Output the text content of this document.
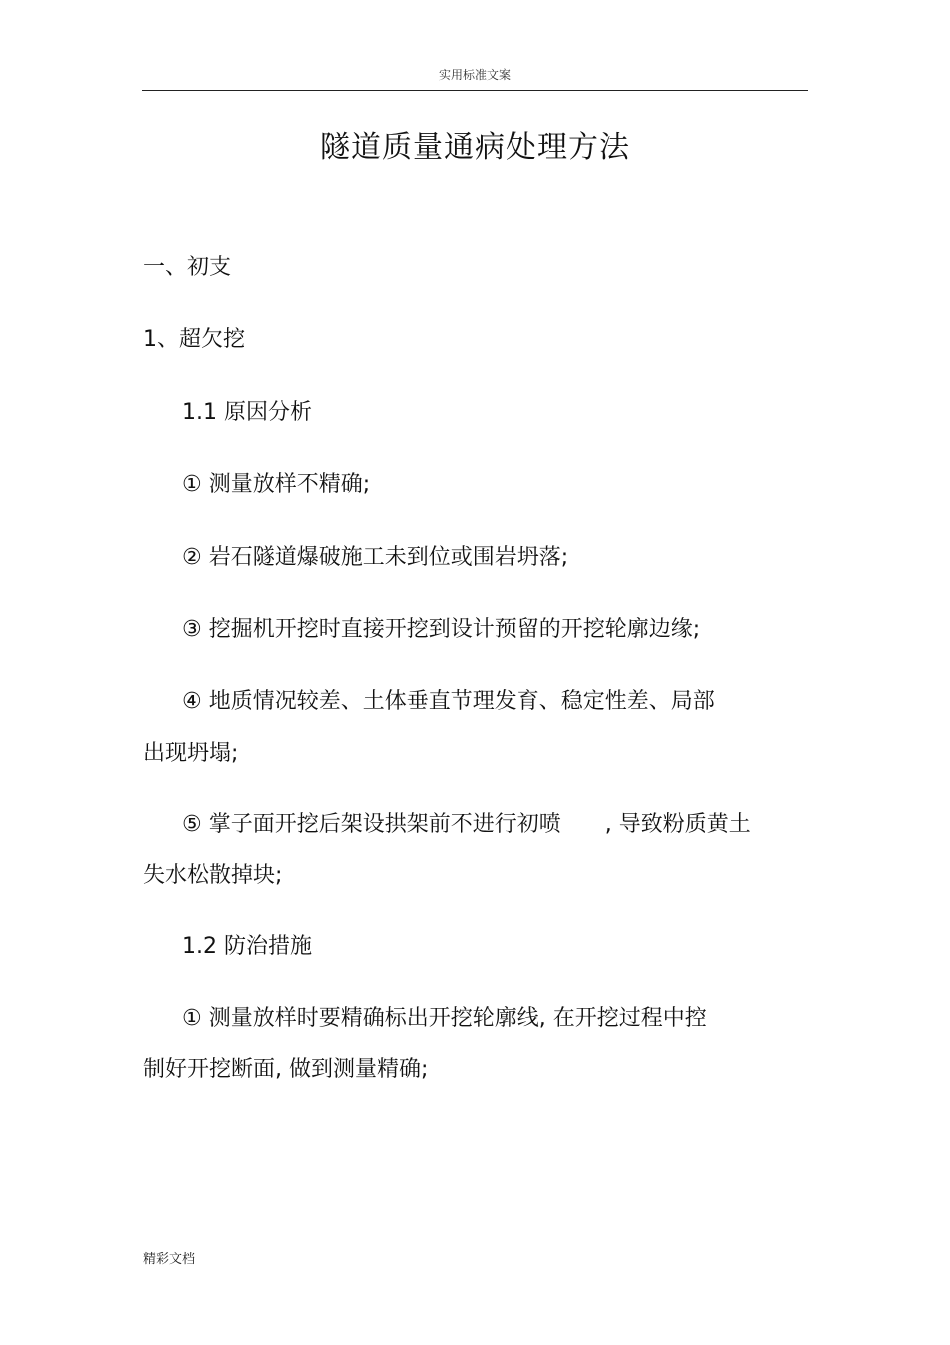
实用标准文案
隧道质量通病处理方法
一、初支
1、超欠挖
1.1 原因分析
① 测量放样不精确;
② 岩石隧道爆破施工未到位或围岩坍落;
③ 挖掘机开挖时直接开挖到设计预留的开挖轮廓边缘;
④ 地质情况较差、土体垂直节理发育、稳定性差、局部
出现坍塌;
⑤ 掌子面开挖后架设拱架前不进行初喷　　, 导致粉质黄土
失水松散掉块;
1.2 防治措施
① 测量放样时要精确标出开挖轮廓线, 在开挖过程中控
制好开挖断面, 做到测量精确;
精彩文档
